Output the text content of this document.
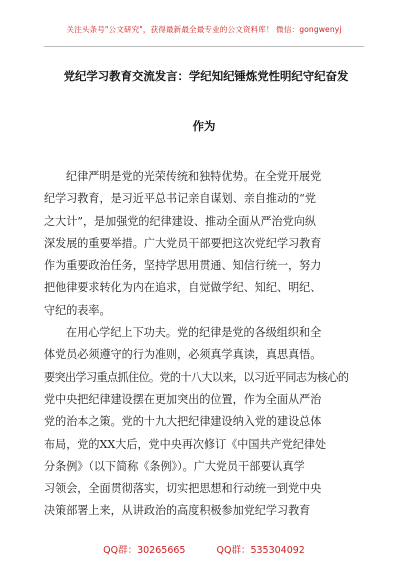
关注头条号"公文研究"，获得最新最全最专业的公文资料库！ 微信：gongwenyj
党纪学习教育交流发言：学纪知纪锤炼党性明纪守纪奋发
作为
纪律严明是党的光荣传统和独特优势。在全党开展党
纪学习教育，是习近平总书记亲自谋划、亲自推动的“党
之大计”，是加强党的纪律建设、推动全面从严治党向纵
深发展的重要举措。广大党员干部要把这次党纪学习教育
作为重要政治任务，坚持学思用贯通、知信行统一，努力
把他律要求转化为内在追求，自觉做学纪、知纪、明纪、
守纪的表率。
在用心学纪上下功夫。党的纪律是党的各级组织和全
体党员必须遵守的行为准则，必须真学真读，真思真悟。
要突出学习重点抓住位。党的十八大以来，以习近平同志为核心的
党中央把纪律建设摆在更加突出的位置，作为全面从严治
党的治本之策。党的十九大把纪律建设纳入党的建设总体
布局，党的XX大后，党中央再次修订《中国共产党纪律处
分条例》（以下简称《条例》）。广大党员干部要认真学
习领会，全面贯彻落实，切实把思想和行动统一到党中央
决策部署上来，从讲政治的高度积极参加党纪学习教育
QQ群：30265665	QQ群：535304092
